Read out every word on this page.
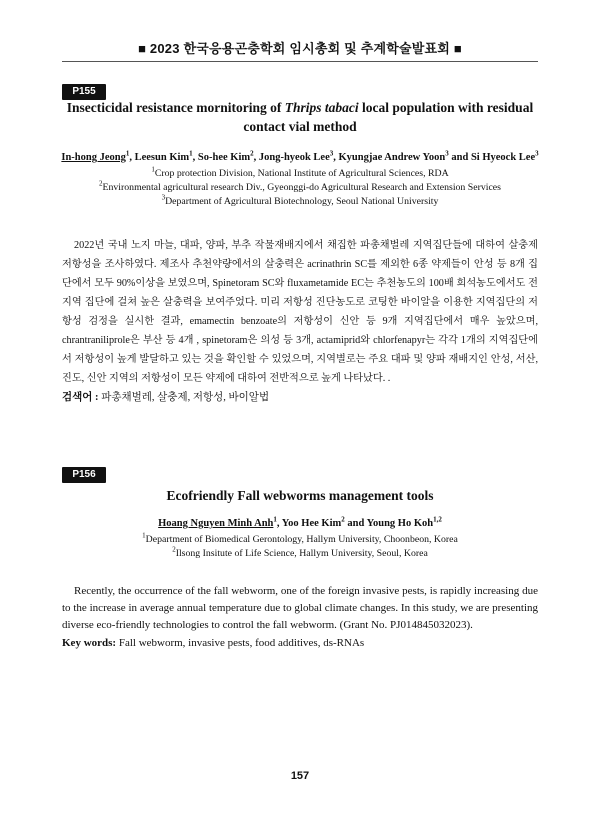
■ 2023 한국응용곤충학회 임시총회 및 추계학술발표회 ■
P155
Insecticidal resistance mornitoring of Thrips tabaci local population with residual contact vial method
In-hong Jeong$^1$, Leesun Kim$^1$, So-hee Kim$^2$, Jong-hyeok Lee$^3$, Kyungjae Andrew Yoon$^3$ and Si Hyeock Lee$^3$
$^1$Crop protection Division, National Institute of Agricultural Sciences, RDA
$^2$Environmental agricultural research Div., Gyeonggi-do Agricultural Research and Extension Services
$^3$Department of Agricultural Biotechnology, Seoul National University
2022년 국내 노지 마늘, 대파, 양파, 부추 작물재배지에서 채집한 파총채벌레 지역집단들에 대하여 살충제 저항성을 조사하였다. 제조사 추천약량에서의 살충력은 acrinathrin SC를 제외한 6종 약제들이 안성 등 8개 집단에서 모두 90%이상을 보였으며, Spinetoram SC와 fluxametamide EC는 추천농도의 100배 희석농도에서도 전 지역 집단에 걸쳐 높은 살충력을 보여주었다. 미리 저항성 진단농도로 코팅한 바이알을 이용한 지역집단의 저항성 검정을 실시한 결과, emamectin benzoate의 저항성이 신안 등 9개 지역집단에서 매우 높았으며, chrantraniliprole은 부산 등 4개 , spinetoram은 의성 등 3개, actamiprid와 chlorfenapyr는 각각 1개의 지역집단에서 저항성이 높게 발달하고 있는 것을 확인할 수 있었으며, 지역별로는 주요 대파 및 양파 재배지인 안성, 서산, 진도, 신안 지역의 저항성이 모든 약제에 대하여 전반적으로 높게 나타났다. .
검색어 : 파총채벌레, 살충제, 저항성, 바이알법
P156
Ecofriendly Fall webworms management tools
Hoang Nguyen Minh Anh$^1$, Yoo Hee Kim$^2$ and Young Ho Koh$^{1,2}$
$^1$Department of Biomedical Gerontology, Hallym University, Choonbeon, Korea
$^2$Ilsong Insitute of Life Science, Hallym University, Seoul, Korea
Recently, the occurrence of the fall webworm, one of the foreign invasive pests, is rapidly increasing due to the increase in average annual temperature due to global climate changes. In this study, we are presenting diverse eco-friendly technologies to control the fall webworm. (Grant No. PJ014845032023).
Key words: Fall webworm, invasive pests, food additives, ds-RNAs
157
